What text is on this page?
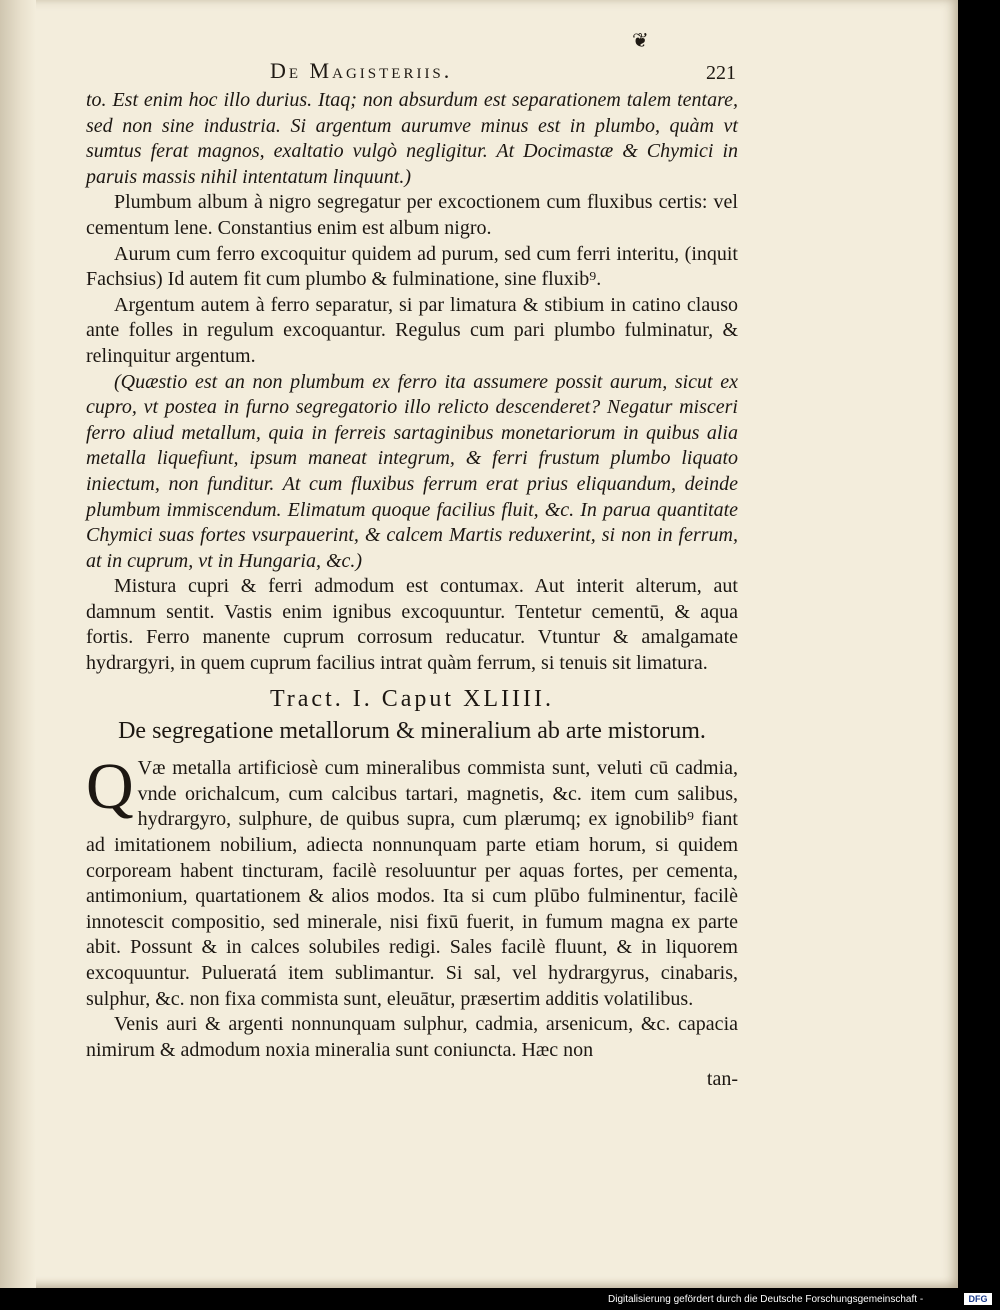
❦
De Magisteriis.	221

to. Est enim hoc illo durius. Itaq; non absurdum est separationem talem tentare, sed non sine industria. Si argentum aurumve minus est in plumbo, quàm vt sumtus ferat magnos, exaltatio vulgò negligitur. At Docimastæ & Chymici in paruis massis nihil intentatum linquunt.)

Plumbum album à nigro segregatur per excoctionem cum fluxibus certis: vel cementum lene. Constantius enim est album nigro.

Aurum cum ferro excoquitur quidem ad purum, sed cum ferri interitu, (inquit Fachsius) Id autem fit cum plumbo & fulminatione, sine fluxib⁹.

Argentum autem à ferro separatur, si par limatura & stibium in catino clauso ante folles in regulum excoquantur. Regulus cum pari plumbo fulminatur, & relinquitur argentum.

(Quæstio est an non plumbum ex ferro ita assumere possit aurum, sicut ex cupro, vt postea in furno segregatorio illo relicto descenderet? Negatur misceri ferro aliud metallum, quia in ferreis sartaginibus monetariorum in quibus alia metalla liquefiunt, ipsum maneat integrum, & ferri frustum plumbo liquato iniectum, non funditur. At cum fluxibus ferrum erat prius eliquandum, deinde plumbum immiscendum. Elimatum quoque facilius fluit, &c. In parua quantitate Chymici suas fortes vsurpauerint, & calcem Martis reduxerint, si non in ferrum, at in cuprum, vt in Hungaria, &c.)

Mistura cupri & ferri admodum est contumax. Aut interit alterum, aut damnum sentit. Vastis enim ignibus excoquuntur. Tentetur cementū, & aqua fortis. Ferro manente cuprum corrosum reducatur. Vtuntur & amalgamate hydrargyri, in quem cuprum facilius intrat quàm ferrum, si tenuis sit limatura.

Tract. I. Caput XLIIII.
De segregatione metallorum & mineralium ab arte mistorum.

Q Væ metalla artificiosè cum mineralibus commista sunt, veluti cū cadmia, vnde orichalcum, cum calcibus tartari, magnetis, &c. item cum salibus, hydrargyro, sulphure, de quibus supra, cum plærumq; ex ignobilib⁹ fiant ad imitationem nobilium, adiecta nonnunquam parte etiam horum, si quidem corpoream habent tincturam, facilè resoluuntur per aquas fortes, per cementa, antimonium, quartationem & alios modos. Ita si cum plūbo fulminentur, facilè innotescit compositio, sed minerale, nisi fixū fuerit, in fumum magna ex parte abit. Possunt & in calces solubiles redigi. Sales facilè fluunt, & in liquorem excoquuntur. Pulueratá item sublimantur. Si sal, vel hydrargyrus, cinabaris, sulphur, &c. non fixa commista sunt, eleuātur, præsertim additis volatilibus.

Venis auri & argenti nonnunquam sulphur, cadmia, arsenicum, &c. capacia nimirum & admodum noxia mineralia sunt coniuncta. Hæc non

tan-
Digitalisierung gefördert durch die Deutsche Forschungsgemeinschaft -	DFG
